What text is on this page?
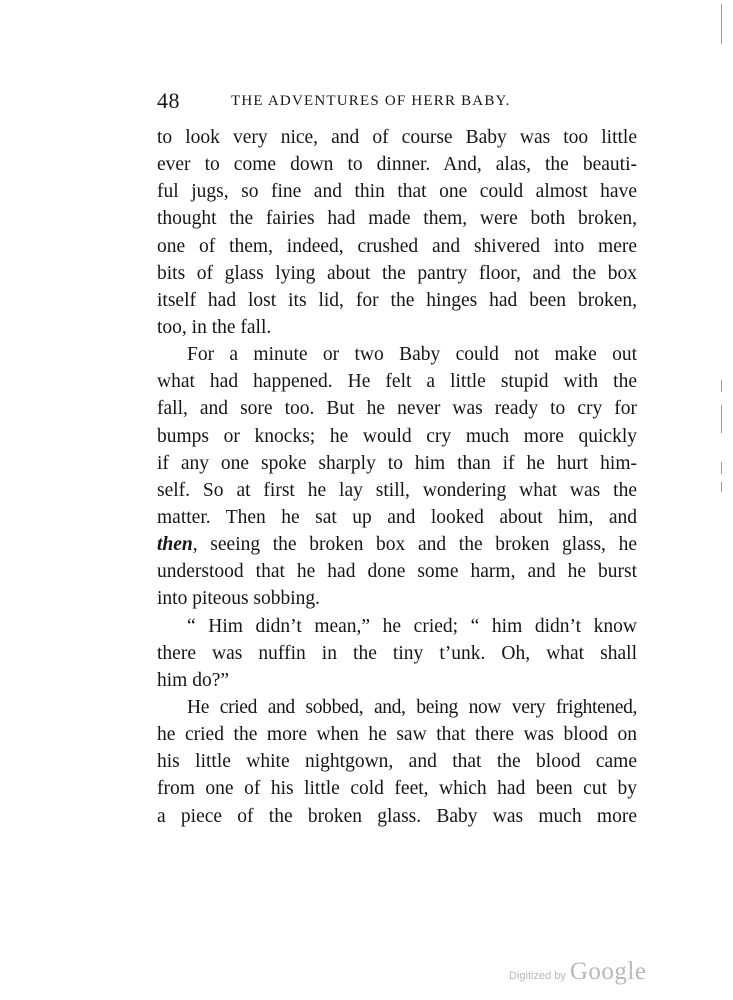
48	THE ADVENTURES OF HERR BABY.
to look very nice, and of course Baby was too little
ever to come down to dinner. And, alas, the beauti-
ful jugs, so fine and thin that one could almost have
thought the fairies had made them, were both broken,
one of them, indeed, crushed and shivered into mere
bits of glass lying about the pantry floor, and the box
itself had lost its lid, for the hinges had been broken,
too, in the fall.
For a minute or two Baby could not make out
what had happened. He felt a little stupid with the
fall, and sore too. But he never was ready to cry for
bumps or knocks; he would cry much more quickly
if any one spoke sharply to him than if he hurt him-
self. So at first he lay still, wondering what was the
matter. Then he sat up and looked about him, and
then, seeing the broken box and the broken glass, he
understood that he had done some harm, and he burst
into piteous sobbing.
“ Him didn’t mean,” he cried; “ him didn’t know
there was nuffin in the tiny t’unk. Oh, what shall
him do?”
He cried and sobbed, and, being now very frightened,
he cried the more when he saw that there was blood on
his little white nightgown, and that the blood came
from one of his little cold feet, which had been cut by
a piece of the broken glass. Baby was much more
Digitized by Google
